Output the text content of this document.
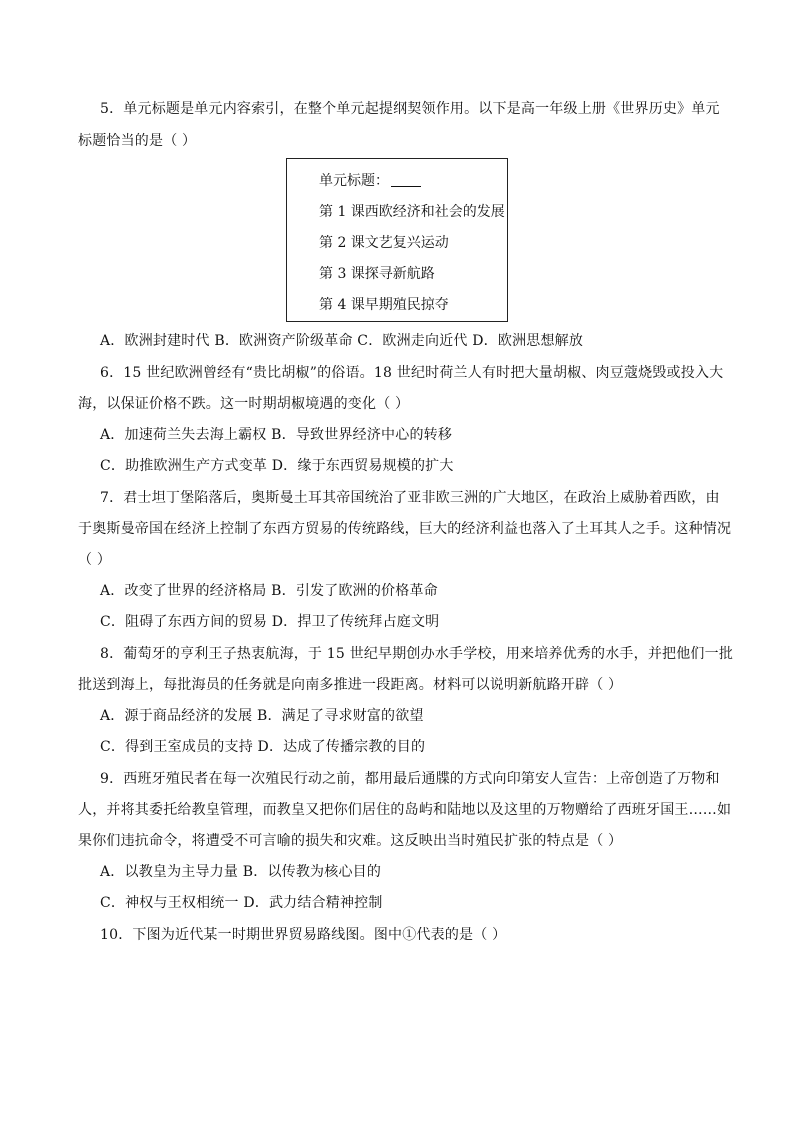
5．单元标题是单元内容索引，在整个单元起提纲契领作用。以下是高一年级上册《世界历史》单元
标题恰当的是（ ）
单元标题：
第 1 课西欧经济和社会的发展
第 2 课文艺复兴运动
第 3 课探寻新航路
第 4 课早期殖民掠夺
A．欧洲封建时代 B．欧洲资产阶级革命 C．欧洲走向近代 D．欧洲思想解放
6．15 世纪欧洲曾经有“贵比胡椒”的俗语。18 世纪时荷兰人有时把大量胡椒、肉豆蔻烧毁或投入大
海，以保证价格不跌。这一时期胡椒境遇的变化（ ）
A．加速荷兰失去海上霸权 B．导致世界经济中心的转移
C．助推欧洲生产方式变革 D．缘于东西贸易规模的扩大
7．君士坦丁堡陷落后，奥斯曼土耳其帝国统治了亚非欧三洲的广大地区，在政治上威胁着西欧，由
于奥斯曼帝国在经济上控制了东西方贸易的传统路线，巨大的经济利益也落入了土耳其人之手。这种情况
（ ）
A．改变了世界的经济格局 B．引发了欧洲的价格革命
C．阻碍了东西方间的贸易 D．捍卫了传统拜占庭文明
8．葡萄牙的亨利王子热衷航海，于 15 世纪早期创办水手学校，用来培养优秀的水手，并把他们一批
批送到海上，每批海员的任务就是向南多推进一段距离。材料可以说明新航路开辟（ ）
A．源于商品经济的发展 B．满足了寻求财富的欲望
C．得到王室成员的支持 D．达成了传播宗教的目的
9．西班牙殖民者在每一次殖民行动之前，都用最后通牒的方式向印第安人宣告：上帝创造了万物和
人，并将其委托给教皇管理，而教皇又把你们居住的岛屿和陆地以及这里的万物赠给了西班牙国王……如
果你们违抗命令，将遭受不可言喻的损失和灾难。这反映出当时殖民扩张的特点是（ ）
A．以教皇为主导力量 B．以传教为核心目的
C．神权与王权相统一 D．武力结合精神控制
10．下图为近代某一时期世界贸易路线图。图中①代表的是（ ）
